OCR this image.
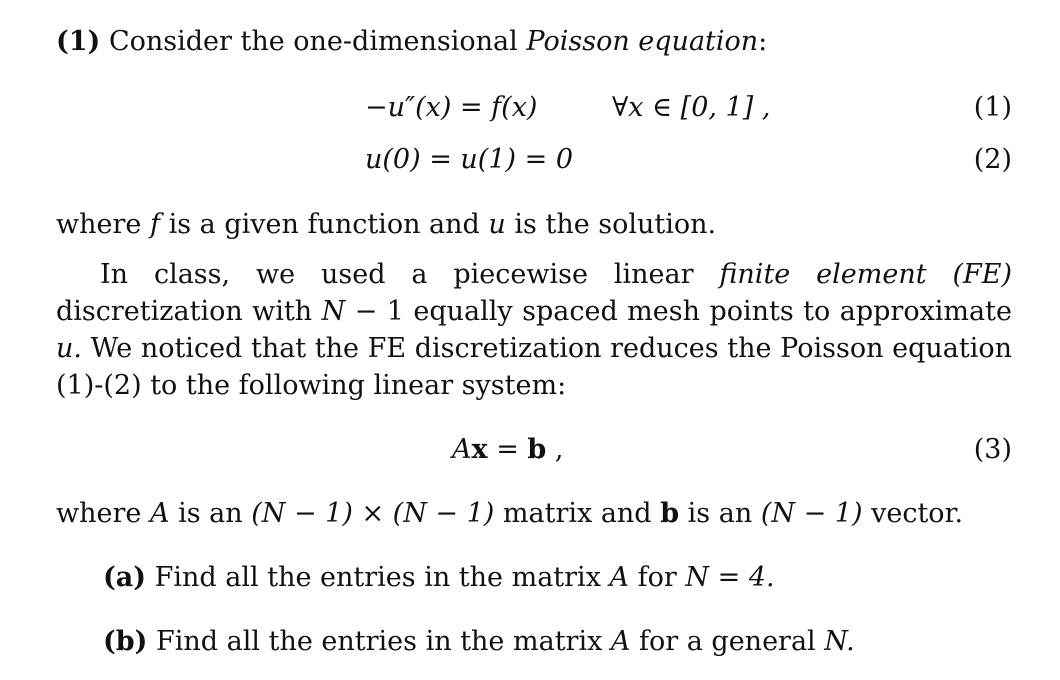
(1) Consider the one-dimensional Poisson equation:
−u″(x) = f(x)	∀x ∈ [0, 1] ,	(1)
u(0) = u(1) = 0	(2)
where f is a given function and u is the solution.
In class, we used a piecewise linear finite element (FE) discretization with N − 1 equally spaced mesh points to approximate u. We noticed that the FE discretization reduces the Poisson equation (1)-(2) to the following linear system:
Ax = b ,	(3)
where A is an (N − 1) × (N − 1) matrix and b is an (N − 1) vector.
(a) Find all the entries in the matrix A for N = 4.
(b) Find all the entries in the matrix A for a general N.
